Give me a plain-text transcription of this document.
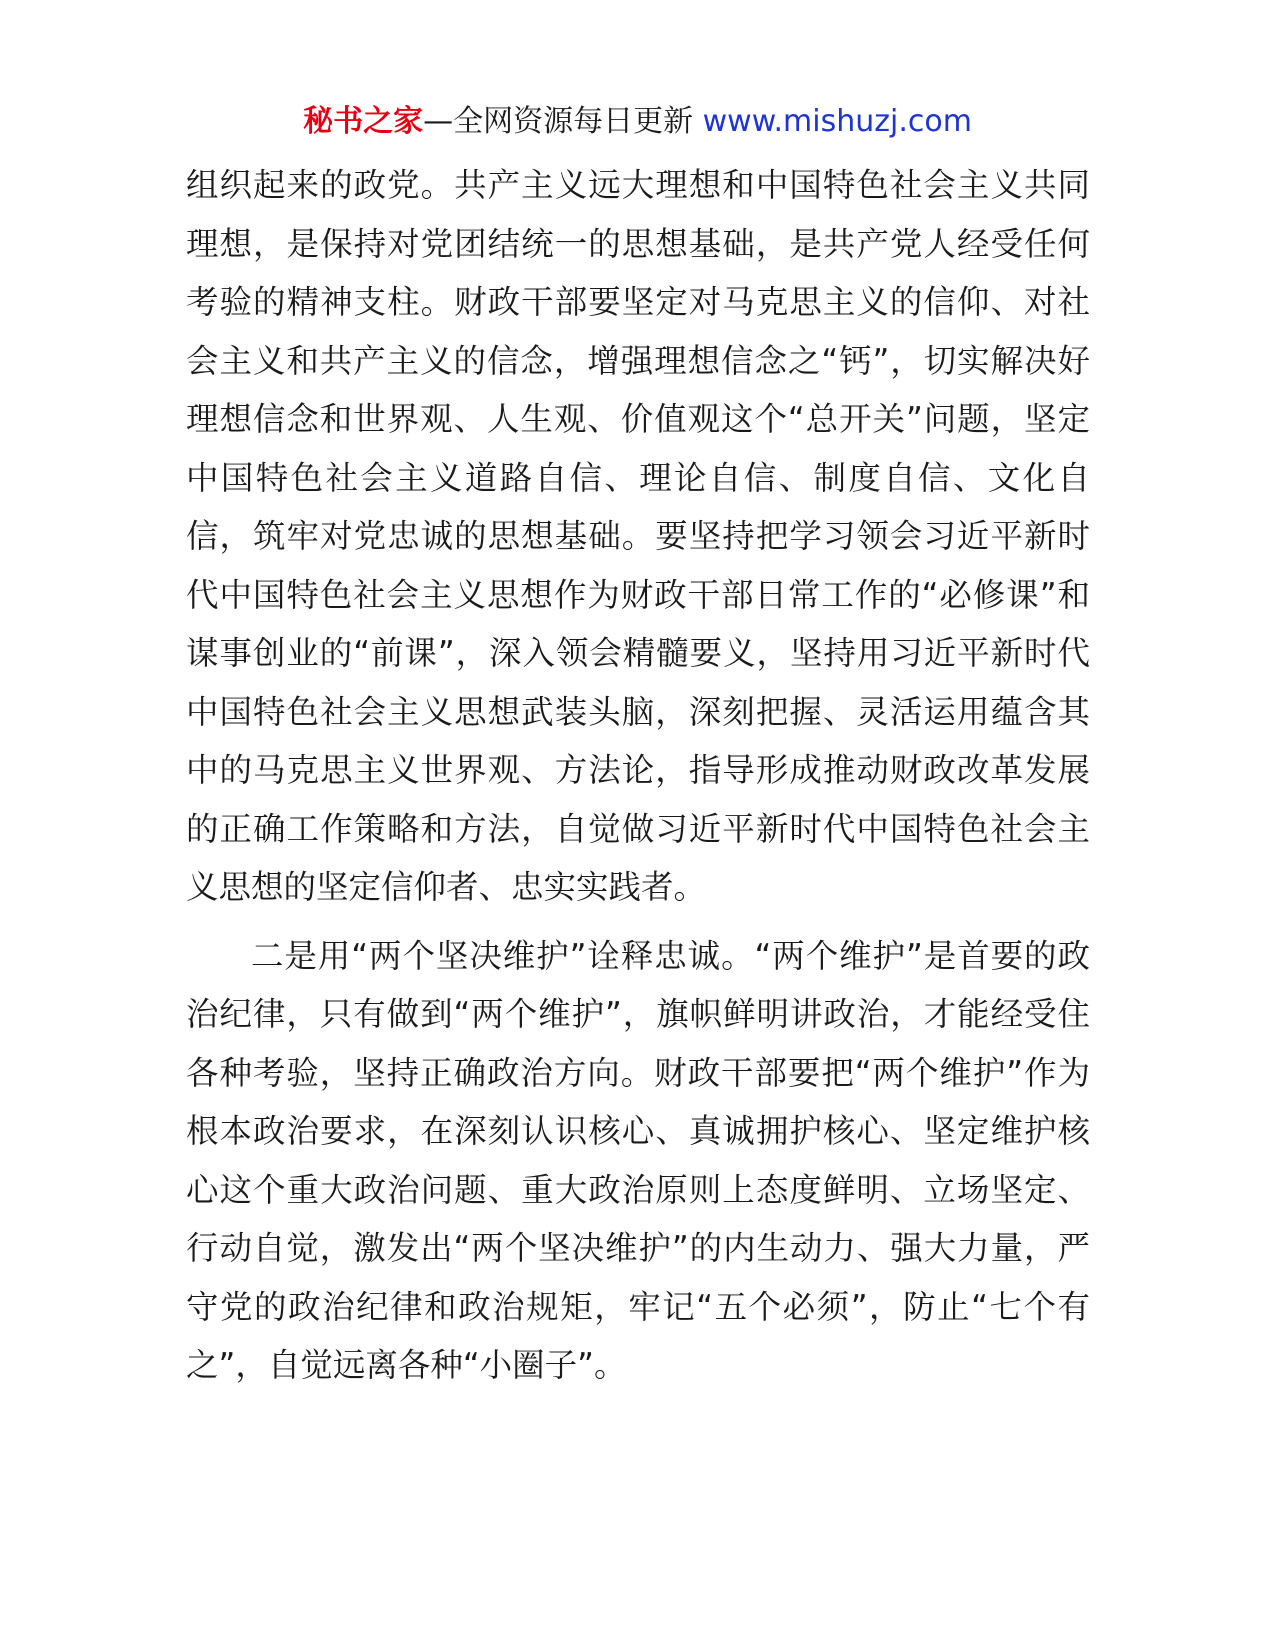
秘书之家—全网资源每日更新 www.mishuzj.com

组织起来的政党。共产主义远大理想和中国特色社会主义共同理想，是保持对党团结统一的思想基础，是共产党人经受任何考验的精神支柱。财政干部要坚定对马克思主义的信仰、对社会主义和共产主义的信念，增强理想信念之“钙”，切实解决好理想信念和世界观、人生观、价值观这个“总开关”问题，坚定中国特色社会主义道路自信、理论自信、制度自信、文化自信，筑牢对党忠诚的思想基础。要坚持把学习领会习近平新时代中国特色社会主义思想作为财政干部日常工作的“必修课”和谋事创业的“前课”，深入领会精髓要义，坚持用习近平新时代中国特色社会主义思想武装头脑，深刻把握、灵活运用蕴含其中的马克思主义世界观、方法论，指导形成推动财政改革发展的正确工作策略和方法，自觉做习近平新时代中国特色社会主义思想的坚定信仰者、忠实实践者。

二是用“两个坚决维护”诠释忠诚。“两个维护”是首要的政治纪律，只有做到“两个维护”，旗帜鲜明讲政治，才能经受住各种考验，坚持正确政治方向。财政干部要把“两个维护”作为根本政治要求，在深刻认识核心、真诚拥护核心、坚定维护核心这个重大政治问题、重大政治原则上态度鲜明、立场坚定、行动自觉，激发出“两个坚决维护”的内生动力、强大力量，严守党的政治纪律和政治规矩，牢记“五个必须”，防止“七个有之”，自觉远离各种“小圈子”。
